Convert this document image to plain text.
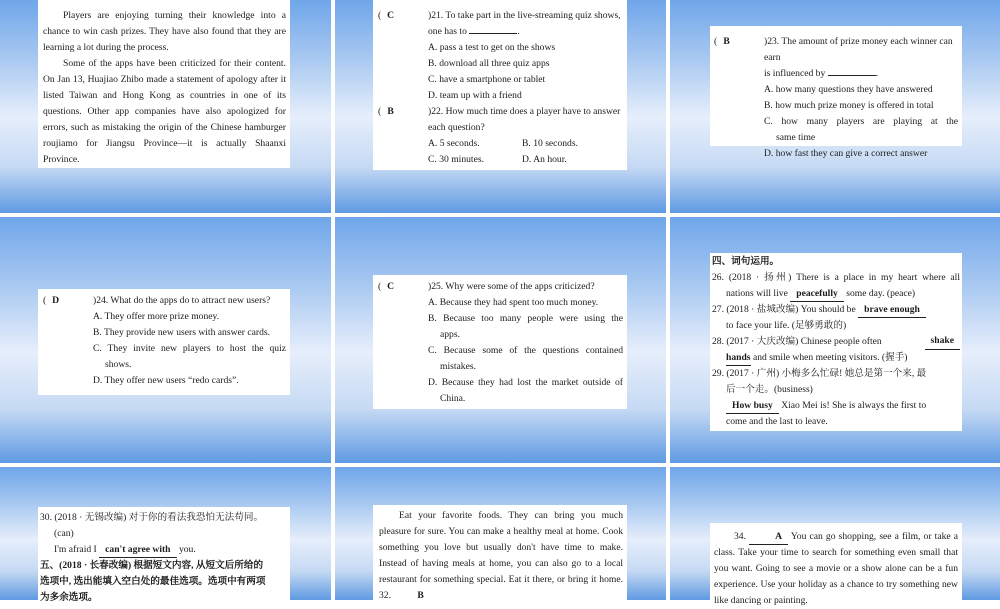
Players are enjoying turning their knowledge into a chance to win cash prizes. They have also found that they are learning a lot during the process.

Some of the apps have been criticized for their content. On Jan 13, Huajiao Zhibo made a statement of apology after it listed Taiwan and Hong Kong as countries in one of its questions. Other app companies have also apologized for errors, such as mistaking the origin of the Chinese hamburger roujiamo for Jiangsu Province—it is actually Shaanxi Province.

( C	)21. To take part in the live-streaming quiz shows,
one has to	.
A. pass a test to get on the shows
B. download all three quiz apps
C. have a smartphone or tablet
D. team up with a friend
( B	)22. How much time does a player have to answer
each question?
A. 5 seconds.	B. 10 seconds.
C. 30 minutes.	D. An hour.
( B	)23. The amount of prize money each winner can earn
is influenced by	.
A. how many questions they have answered
B. how much prize money is offered in total
C. how many players are playing at the
same time
D. how fast they can give a correct answer
( D	)24. What do the apps do to attract new users?
A. They offer more prize money.
B. They provide new users with answer cards.
C. They invite new players to host the quiz
shows.
D. They offer new users “redo cards”.
( C	)25. Why were some of the apps criticized?
A. Because they had spent too much money.
B. Because too many people were using the
apps.
C. Because some of the questions contained
mistakes.
D. Because they had lost the market outside of
China.

四、词句运用。

26. (2018 · 扬州) There is a place in my heart where all

nations will live peacefully some day. (peace)

27. (2018 · 盐城改编) You should be brave enough

to face your life. (足够勇敢的)

28. (2017 · 大庆改编) Chinese people often	shake

hands and smile when meeting visitors. (握手)

29. (2017 · 广州) 小梅多么忙碌! 她总是第一个来, 最

后一个走。(business)

How busy Xiao Mei is! She is always the first to

come and the last to leave.

30. (2018 · 无锡改编) 对于你的看法我恐怕无法苟同。

(can)

I'm afraid I can't agree with you.

五、(2018 · 长春改编) 根据短文内容, 从短文后所给的

选项中, 选出能填入空白处的最佳选项。选项中有两项

为多余选项。

Eat your favorite foods. They can bring you much pleasure for sure. You can make a healthy meal at home. Cook something you love but usually don't have time to make. Instead of having meals at home, you can also go to a local restaurant for something special. Eat it there, or bring it home. 32.	B

34.	A You can go shopping, see a film, or take a class. Take your time to search for something even small that you want. Going to see a movie or a show alone can be a fun experience. Use your holiday as a chance to try something new like dancing or painting.
